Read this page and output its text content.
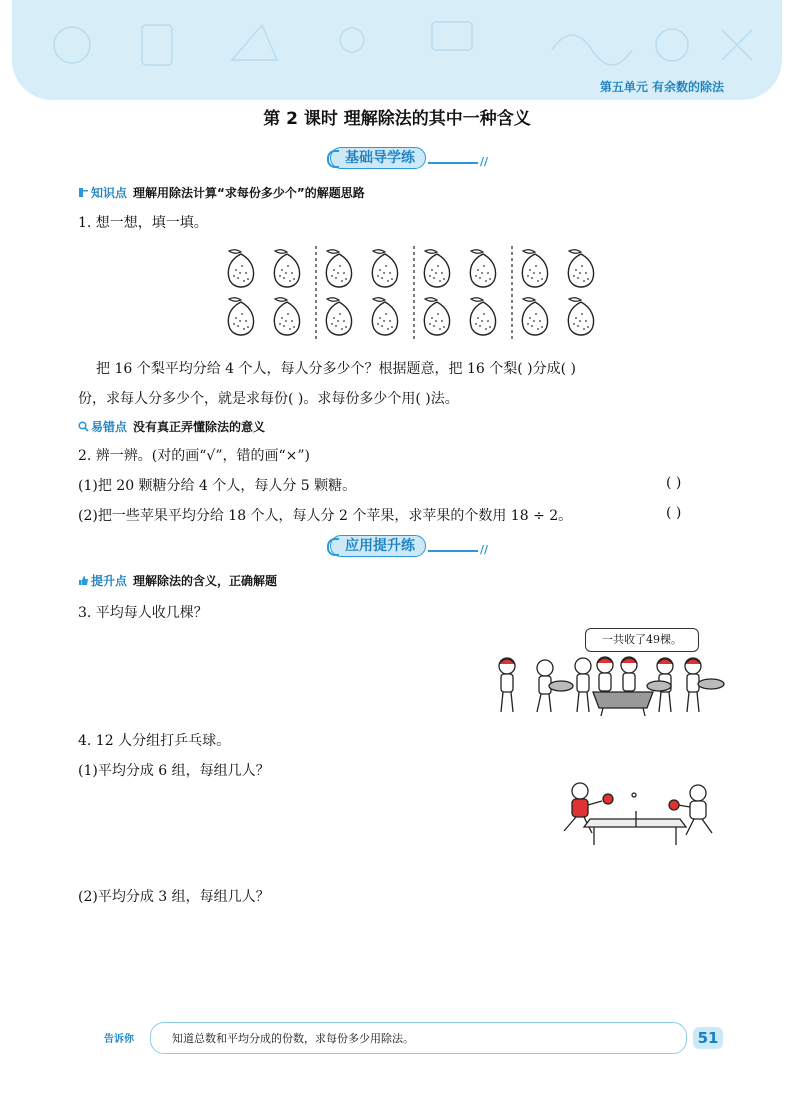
第五单元 有余数的除法
第 2 课时 理解除法的其中一种含义
基础导学练	//
知识点 理解用除法计算“求每份多少个”的解题思路
1. 想一想，填一填。
把 16 个梨平均分给 4 个人，每人分多少个？根据题意，把 16 个梨( )分成( )
份，求每人分多少个，就是求每份( )。求每份多少个用( )法。
易错点 没有真正弄懂除法的意义
2. 辨一辨。(对的画“√”，错的画“×”)
(1)把 20 颗糖分给 4 个人，每人分 5 颗糖。	( )
(2)把一些苹果平均分给 18 个人，每人分 2 个苹果，求苹果的个数用 18 ÷ 2。	( )
应用提升练	//
提升点 理解除法的含义，正确解题
3. 平均每人收几棵？
一共收了49棵。
4. 12 人分组打乒乓球。
(1)平均分成 6 组，每组几人？
(2)平均分成 3 组，每组几人？
告诉你	知道总数和平均分成的份数，求每份多少用除法。	51
